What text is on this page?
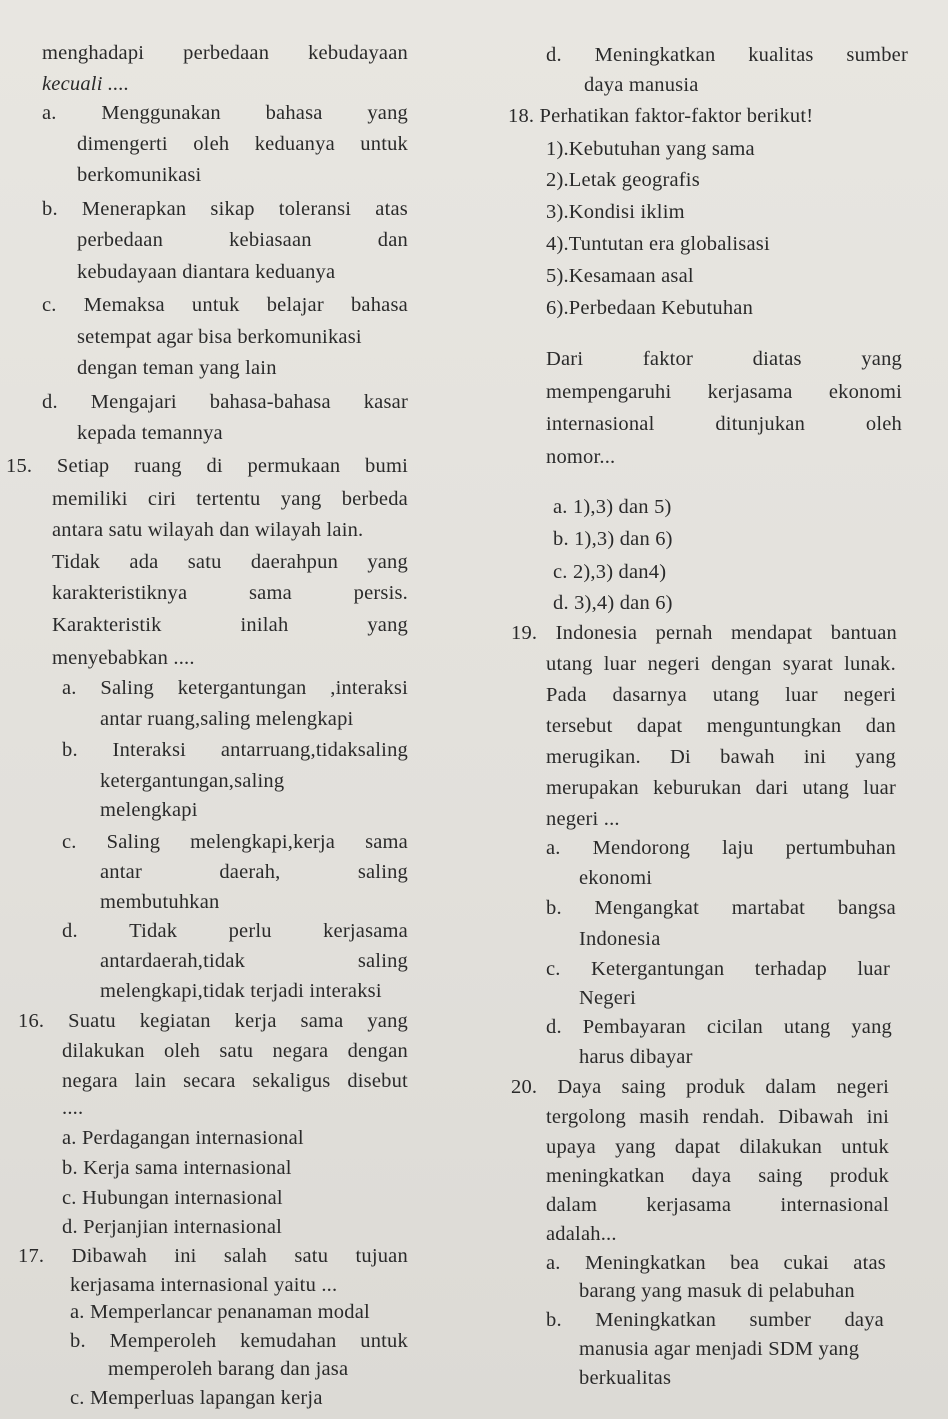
menghadapi perbedaan kebudayaan
kecuali ....
a. Menggunakan bahasa yang
dimengerti oleh keduanya untuk
berkomunikasi
b. Menerapkan sikap toleransi atas
perbedaan	kebiasaan	dan
kebudayaan diantara keduanya
c. Memaksa untuk belajar bahasa
setempat agar bisa berkomunikasi
dengan teman yang lain
d. Mengajari bahasa-bahasa kasar
kepada temannya
15. Setiap ruang di permukaan bumi
memiliki ciri tertentu yang berbeda
antara satu wilayah dan wilayah lain.
Tidak ada satu daerahpun yang
karakteristiknya	sama	persis.
Karakteristik	inilah	yang
menyebabkan ....
a. Saling ketergantungan ,interaksi
antar ruang,saling melengkapi
b. Interaksi antarruang,tidaksaling
ketergantungan,saling
melengkapi
c. Saling melengkapi,kerja sama
antar	daerah,	saling
membutuhkan
d.	Tidak	perlu	kerjasama
antardaerah,tidak	saling
melengkapi,tidak terjadi interaksi
16. Suatu kegiatan kerja sama yang
dilakukan oleh satu negara dengan
negara lain secara sekaligus disebut
....
a. Perdagangan internasional
b. Kerja sama internasional
c. Hubungan internasional
d. Perjanjian internasional
17. Dibawah ini salah satu tujuan
kerjasama internasional yaitu ...
a. Memperlancar penanaman modal
b. Memperoleh kemudahan untuk
memperoleh barang dan jasa
c. Memperluas lapangan kerja
d. Meningkatkan kualitas sumber
daya manusia
18. Perhatikan faktor-faktor berikut!
1).Kebutuhan yang sama
2).Letak geografis
3).Kondisi iklim
4).Tuntutan era globalisasi
5).Kesamaan asal
6).Perbedaan Kebutuhan
Dari	faktor	diatas	yang
mempengaruhi kerjasama ekonomi
internasional	ditunjukan	oleh
nomor...
a. 1),3) dan 5)
b. 1),3) dan 6)
c. 2),3) dan4)
d. 3),4) dan 6)
19. Indonesia pernah mendapat bantuan
utang luar negeri dengan syarat lunak.
Pada dasarnya utang luar negeri
tersebut dapat menguntungkan dan
merugikan. Di bawah ini yang
merupakan keburukan dari utang luar
negeri ...
a. Mendorong laju pertumbuhan
ekonomi
b. Mengangkat martabat bangsa
Indonesia
c. Ketergantungan terhadap luar
Negeri
d. Pembayaran cicilan utang yang
harus dibayar
20. Daya saing produk dalam negeri
tergolong masih rendah. Dibawah ini
upaya yang dapat dilakukan untuk
meningkatkan daya saing produk
dalam kerjasama internasional
adalah...
a. Meningkatkan bea cukai atas
barang yang masuk di pelabuhan
b. Meningkatkan sumber daya
manusia agar menjadi SDM yang
berkualitas
